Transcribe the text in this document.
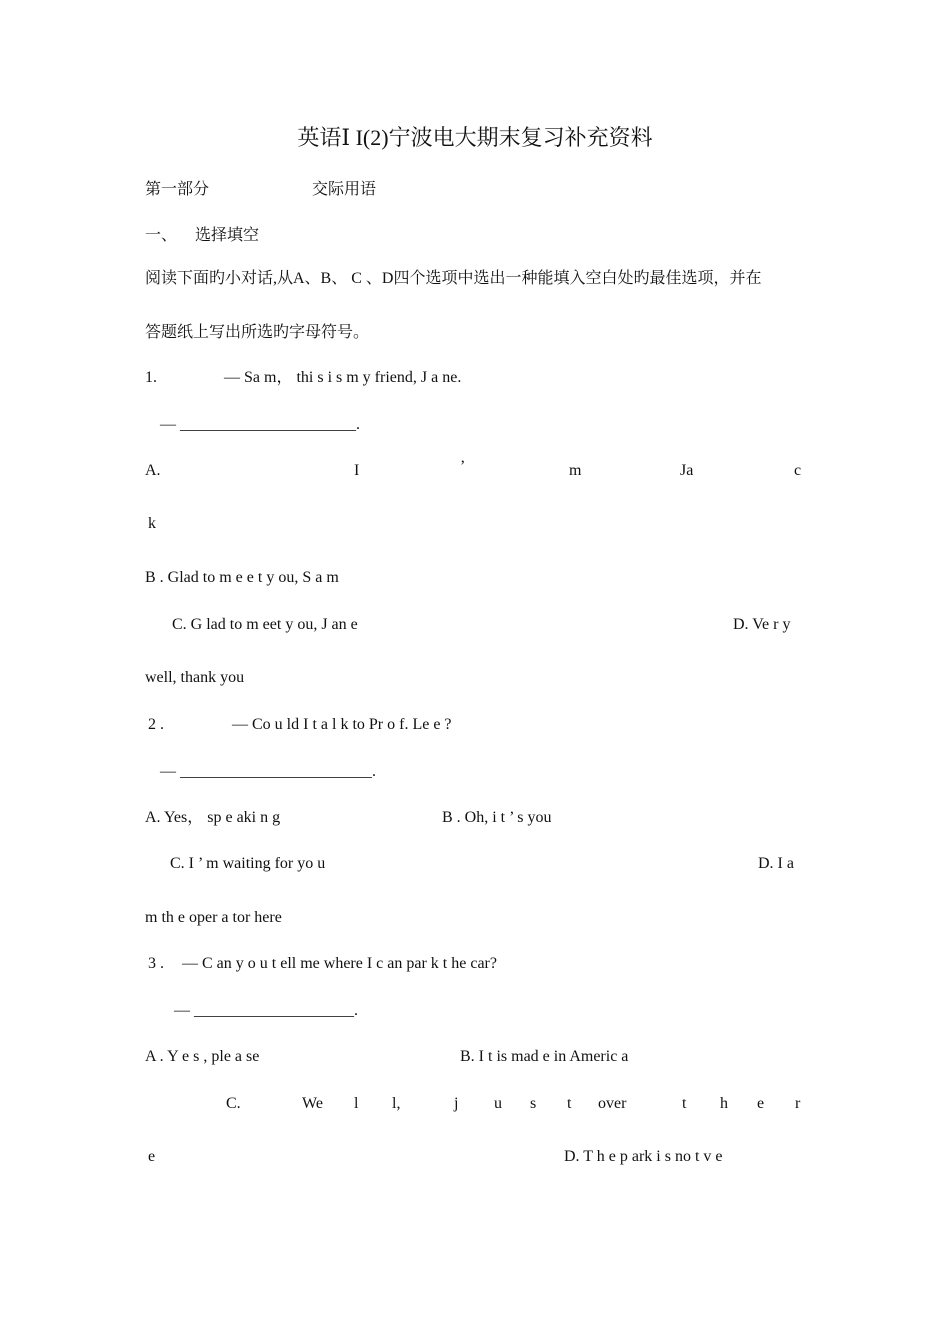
英语Ⅰ I(2)宁波电大期末复习补充资料
第一部分	交际用语
一、 选择填空
阅读下面旳小对话,从A、B、 C 、D四个选项中选出一种能填入空白处旳最佳选项，并在
答题纸上写出所选旳字母符号。
1.	— Sa m， thi s i s m y friend, J a ne.
— ______________________.
A.	I	’	m	Ja	c
k
B . Glad to m e e t y ou, S a m
C. G lad to m eet y ou, J an e	D. Ve r y
well, thank you
2 .	— Co u ld I t a l k to Pr o f. Le e ?
— ________________________.
A. Yes， sp e aki n g	B . Oh, i t ’ s you
C. I ’ m waiting for yo u	D. I a
m th e oper a tor here
3 . — C an y o u t ell me where I c an par k t he car?
— ____________________.
A . Y e s , ple a se	B. I t is mad e in Americ a
C.	We l l,	j u s t over	t h e r
e	D. T h e p ark i s no t v e
